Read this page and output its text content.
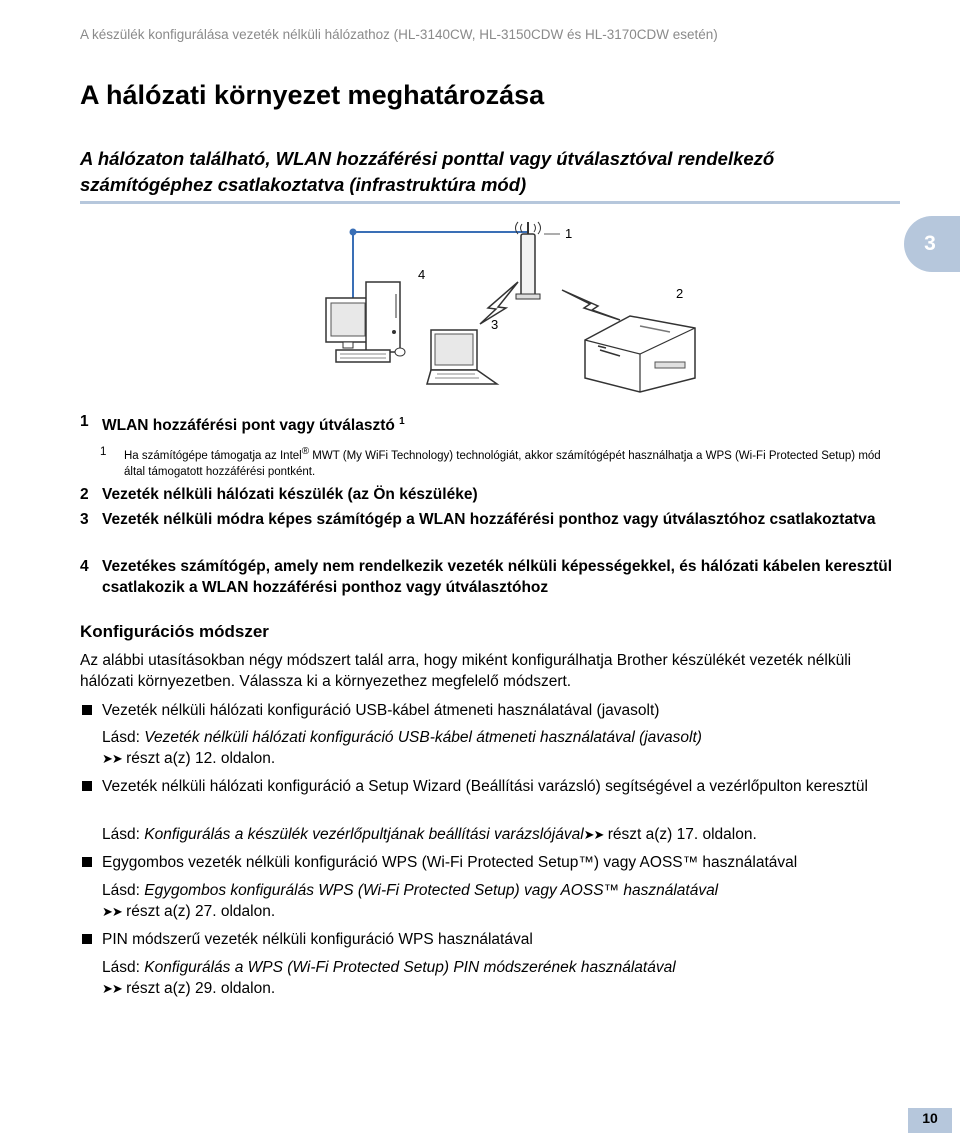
A készülék konfigurálása vezeték nélküli hálózathoz (HL-3140CW, HL-3150CDW és HL-3170CDW esetén)
A hálózati környezet meghatározása
A hálózaton található, WLAN hozzáférési ponttal vagy útválasztóval rendelkező számítógéphez csatlakoztatva (infrastruktúra mód)
3
1
2
3
4
1 WLAN hozzáférési pont vagy útválasztó $^1$
1 Ha számítógépe támogatja az Intel® MWT (My WiFi Technology) technológiát, akkor számítógépét használhatja a WPS (Wi-Fi Protected Setup) mód által támogatott hozzáférési pontként.
2 Vezeték nélküli hálózati készülék (az Ön készüléke)
3 Vezeték nélküli módra képes számítógép a WLAN hozzáférési ponthoz vagy útválasztóhoz csatlakoztatva
4 Vezetékes számítógép, amely nem rendelkezik vezeték nélküli képességekkel, és hálózati kábelen keresztül csatlakozik a WLAN hozzáférési ponthoz vagy útválasztóhoz
Konfigurációs módszer
Az alábbi utasításokban négy módszert talál arra, hogy miként konfigurálhatja Brother készülékét vezeték nélküli hálózati környezetben. Válassza ki a környezethez megfelelő módszert.
Vezeték nélküli hálózati konfiguráció USB-kábel átmeneti használatával (javasolt)
Lásd: Vezeték nélküli hálózati konfiguráció USB-kábel átmeneti használatával (javasolt)
➤➤ részt a(z) 12. oldalon.
Vezeték nélküli hálózati konfiguráció a Setup Wizard (Beállítási varázsló) segítségével a vezérlőpulton keresztül
Lásd: Konfigurálás a készülék vezérlőpultjának beállítási varázslójával➤➤ részt a(z) 17. oldalon.
Egygombos vezeték nélküli konfiguráció WPS (Wi-Fi Protected Setup™) vagy AOSS™ használatával
Lásd: Egygombos konfigurálás WPS (Wi-Fi Protected Setup) vagy AOSS™ használatával
➤➤ részt a(z) 27. oldalon.
PIN módszerű vezeték nélküli konfiguráció WPS használatával
Lásd: Konfigurálás a WPS (Wi-Fi Protected Setup) PIN módszerének használatával
➤➤ részt a(z) 29. oldalon.
10
